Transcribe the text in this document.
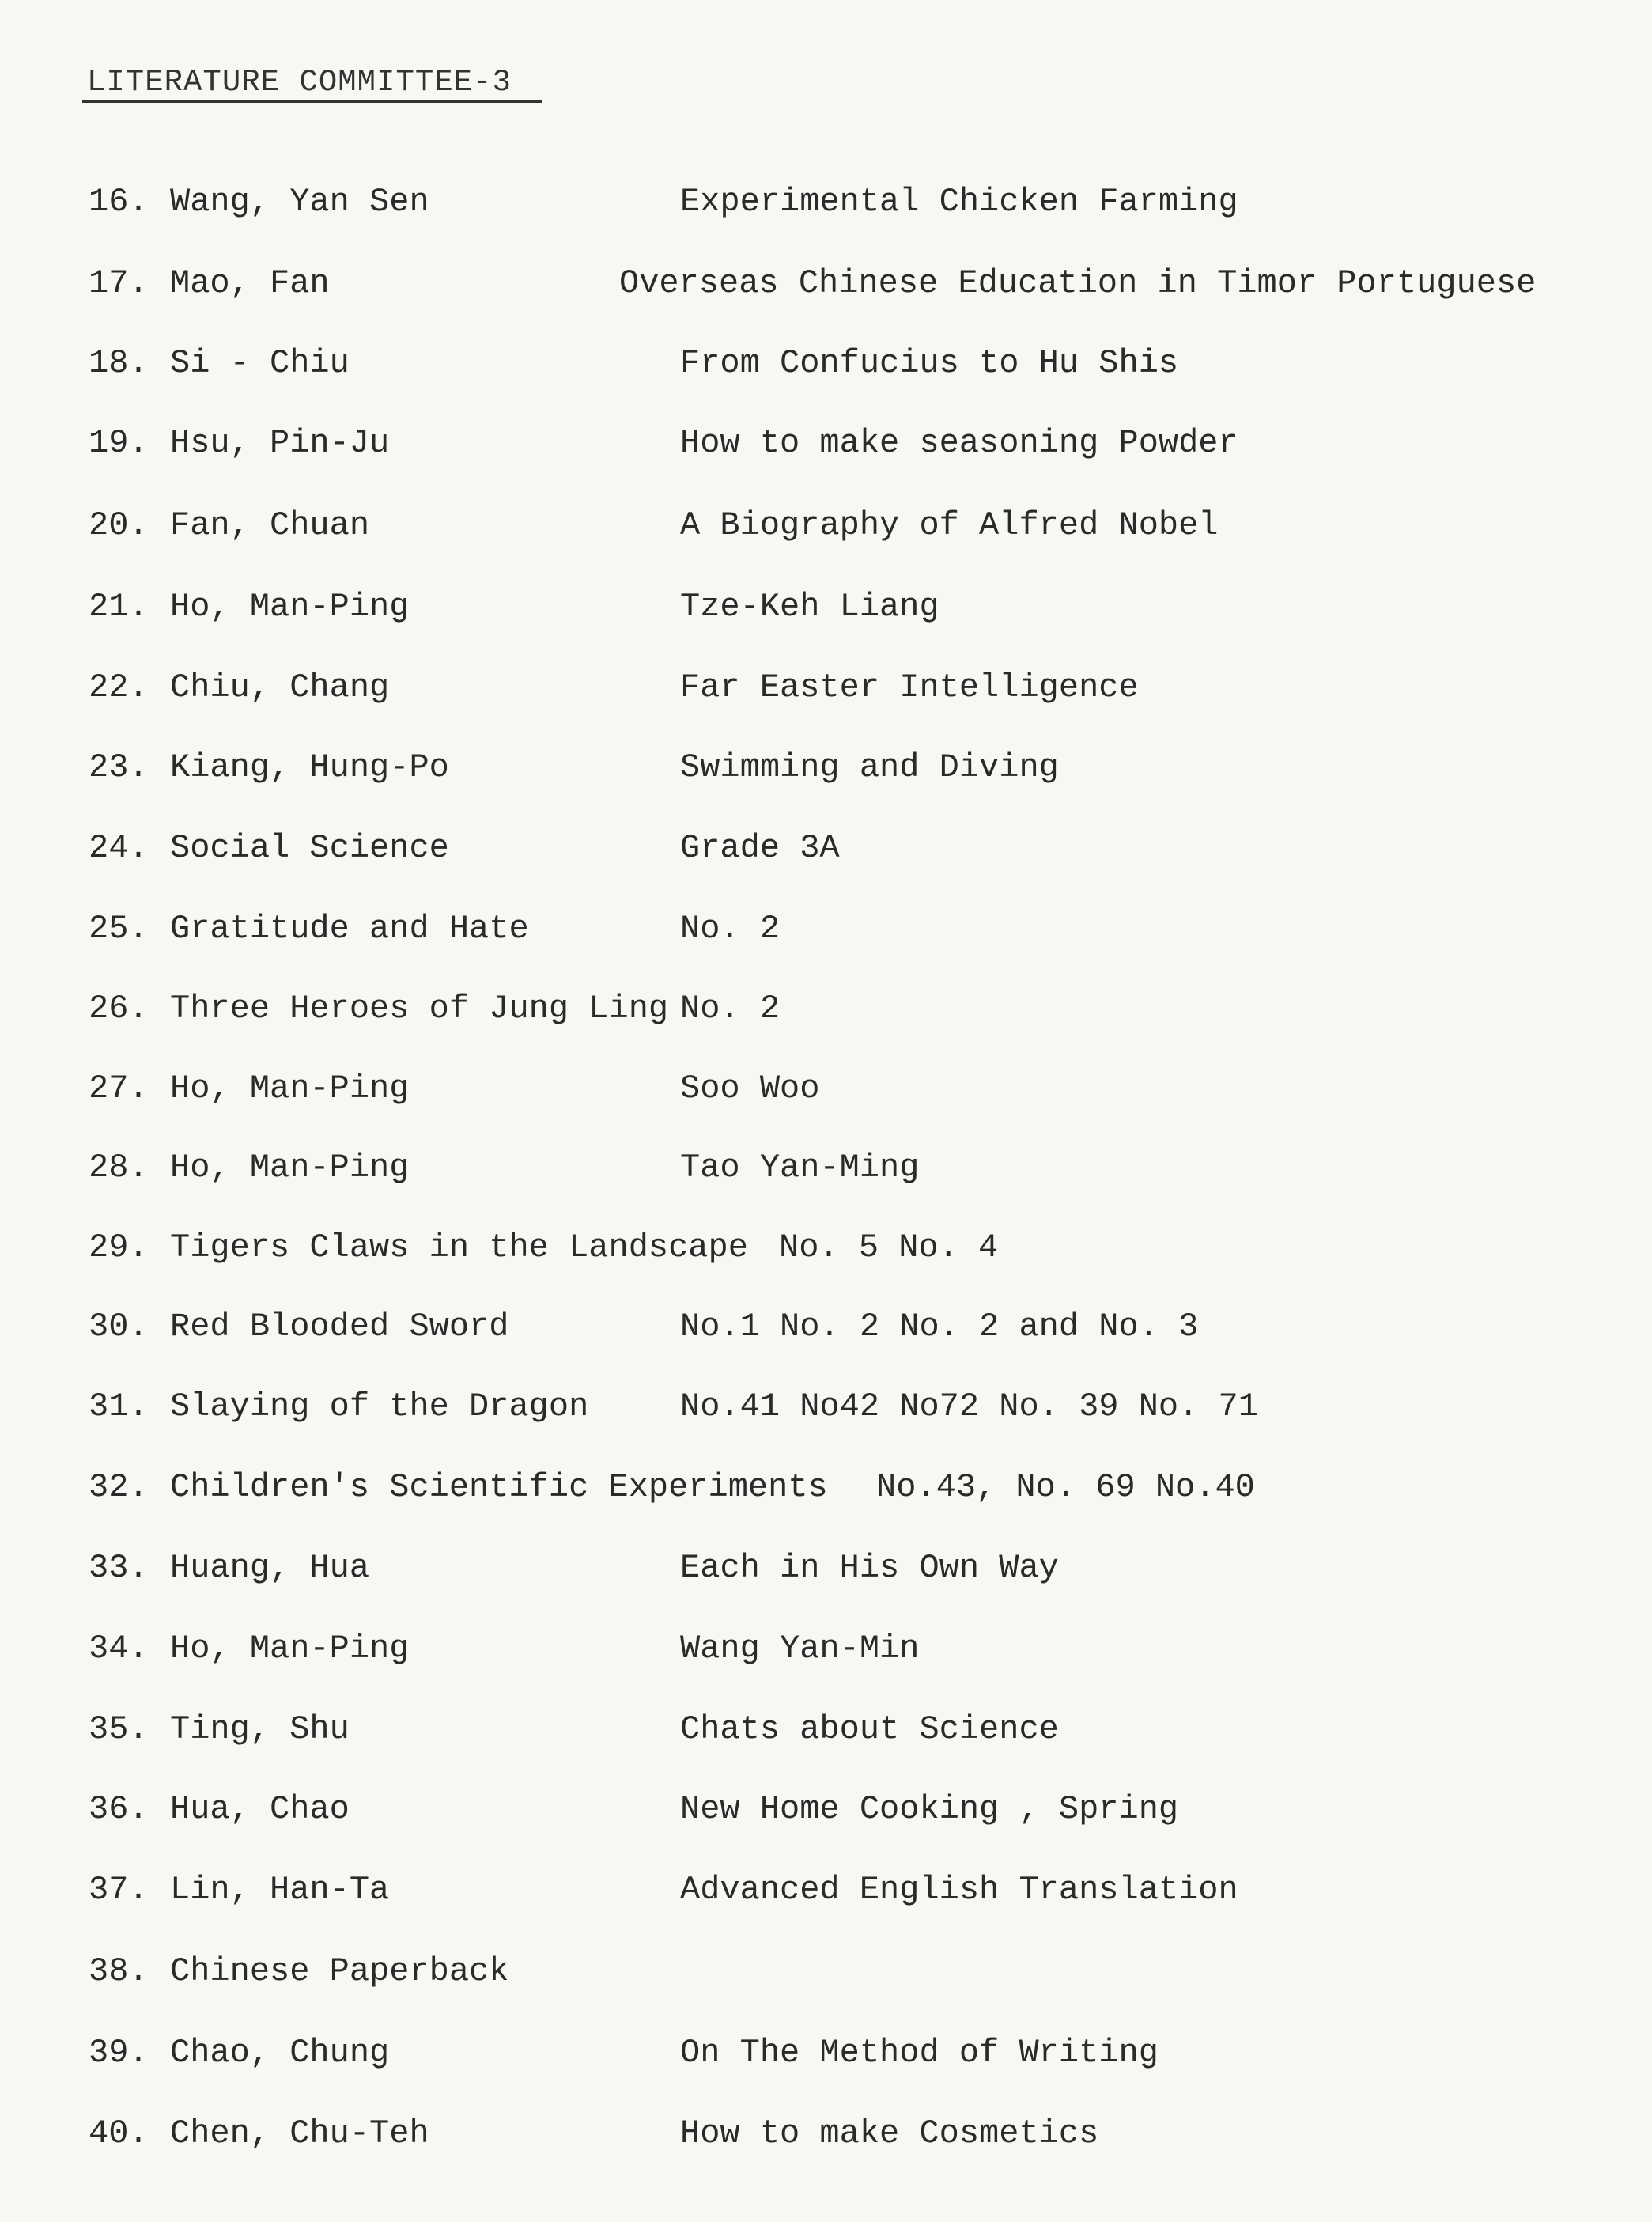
LITERATURE COMMITTEE-3
16. Wang, Yan Sen	Experimental Chicken Farming
17. Mao, Fan	Overseas Chinese Education in Timor Portuguese
18. Si - Chiu	From Confucius to Hu Shis
19. Hsu, Pin-Ju	How to make seasoning Powder
20. Fan, Chuan	A Biography of Alfred Nobel
21. Ho, Man-Ping	Tze-Keh Liang
22. Chiu, Chang	Far Easter Intelligence
23. Kiang, Hung-Po	Swimming and Diving
24. Social Science	Grade 3A
25. Gratitude and Hate	No. 2
26. Three Heroes of Jung Ling No. 2
27. Ho, Man-Ping	Soo Woo
28. Ho, Man-Ping	Tao Yan-Ming
29. Tigers Claws in the Landscape No. 5 No. 4
30. Red Blooded Sword	No.1 No. 2 No. 2 and No. 3
31. Slaying of the Dragon	No.41 No42 No72 No. 39 No. 71
32. Children's Scientific Experiments No.43, No. 69 No.40
33. Huang, Hua	Each in His Own Way
34. Ho, Man-Ping	Wang Yan-Min
35. Ting, Shu	Chats about Science
36. Hua, Chao	New Home Cooking , Spring
37. Lin, Han-Ta	Advanced English Translation
38. Chinese Paperback
39. Chao, Chung	On The Method of Writing
40. Chen, Chu-Teh	How to make Cosmetics
